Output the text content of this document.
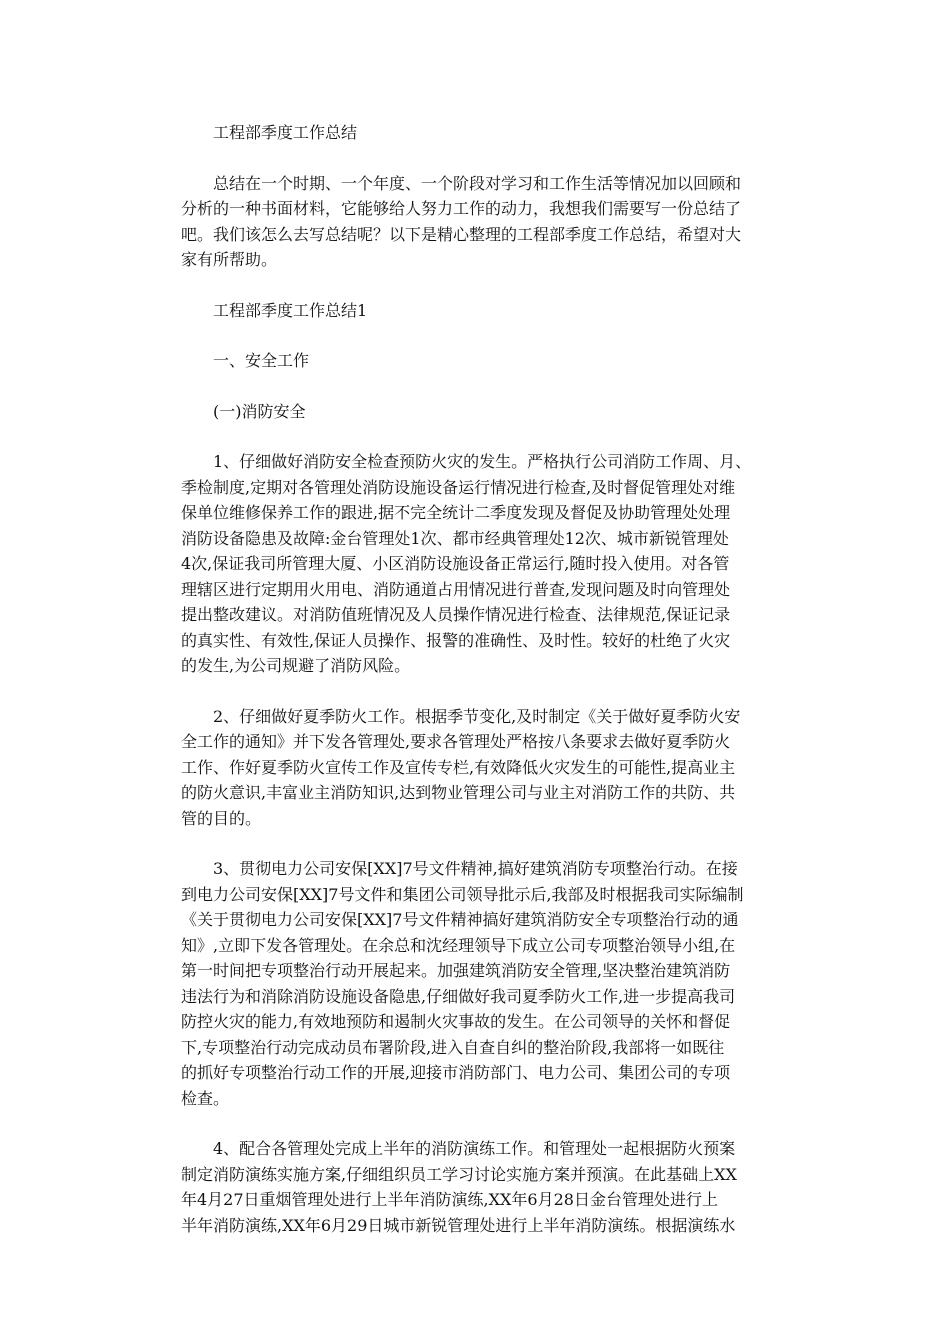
　　工程部季度工作总结
　　总结在一个时期、一个年度、一个阶段对学习和工作生活等情况加以回顾和
分析的一种书面材料，它能够给人努力工作的动力，我想我们需要写一份总结了
吧。我们该怎么去写总结呢？以下是精心整理的工程部季度工作总结，希望对大
家有所帮助。
　　工程部季度工作总结1
　　一、安全工作
　　(一)消防安全
　　1、仔细做好消防安全检查预防火灾的发生。严格执行公司消防工作周、月、
季检制度,定期对各管理处消防设施设备运行情况进行检查,及时督促管理处对维
保单位维修保养工作的跟进,据不完全统计二季度发现及督促及协助管理处处理
消防设备隐患及故障:金台管理处1次、都市经典管理处12次、城市新锐管理处
4次,保证我司所管理大厦、小区消防设施设备正常运行,随时投入使用。对各管
理辖区进行定期用火用电、消防通道占用情况进行普查,发现问题及时向管理处
提出整改建议。对消防值班情况及人员操作情况进行检查、法律规范,保证记录
的真实性、有效性,保证人员操作、报警的准确性、及时性。较好的杜绝了火灾
的发生,为公司规避了消防风险。
　　2、仔细做好夏季防火工作。根据季节变化,及时制定《关于做好夏季防火安
全工作的通知》并下发各管理处,要求各管理处严格按八条要求去做好夏季防火
工作、作好夏季防火宣传工作及宣传专栏,有效降低火灾发生的可能性,提高业主
的防火意识,丰富业主消防知识,达到物业管理公司与业主对消防工作的共防、共
管的目的。
　　3、贯彻电力公司安保[XX]7号文件精神,搞好建筑消防专项整治行动。在接
到电力公司安保[XX]7号文件和集团公司领导批示后,我部及时根据我司实际编制
《关于贯彻电力公司安保[XX]7号文件精神搞好建筑消防安全专项整治行动的通
知》,立即下发各管理处。在余总和沈经理领导下成立公司专项整治领导小组,在
第一时间把专项整治行动开展起来。加强建筑消防安全管理,坚决整治建筑消防
违法行为和消除消防设施设备隐患,仔细做好我司夏季防火工作,进一步提高我司
防控火灾的能力,有效地预防和遏制火灾事故的发生。在公司领导的关怀和督促
下,专项整治行动完成动员布署阶段,进入自查自纠的整治阶段,我部将一如既往
的抓好专项整治行动工作的开展,迎接市消防部门、电力公司、集团公司的专项
检查。
　　4、配合各管理处完成上半年的消防演练工作。和管理处一起根据防火预案
制定消防演练实施方案,仔细组织员工学习讨论实施方案并预演。在此基础上XX
年4月27日重烟管理处进行上半年消防演练,XX年6月28日金台管理处进行上
半年消防演练,XX年6月29日城市新锐管理处进行上半年消防演练。根据演练水
